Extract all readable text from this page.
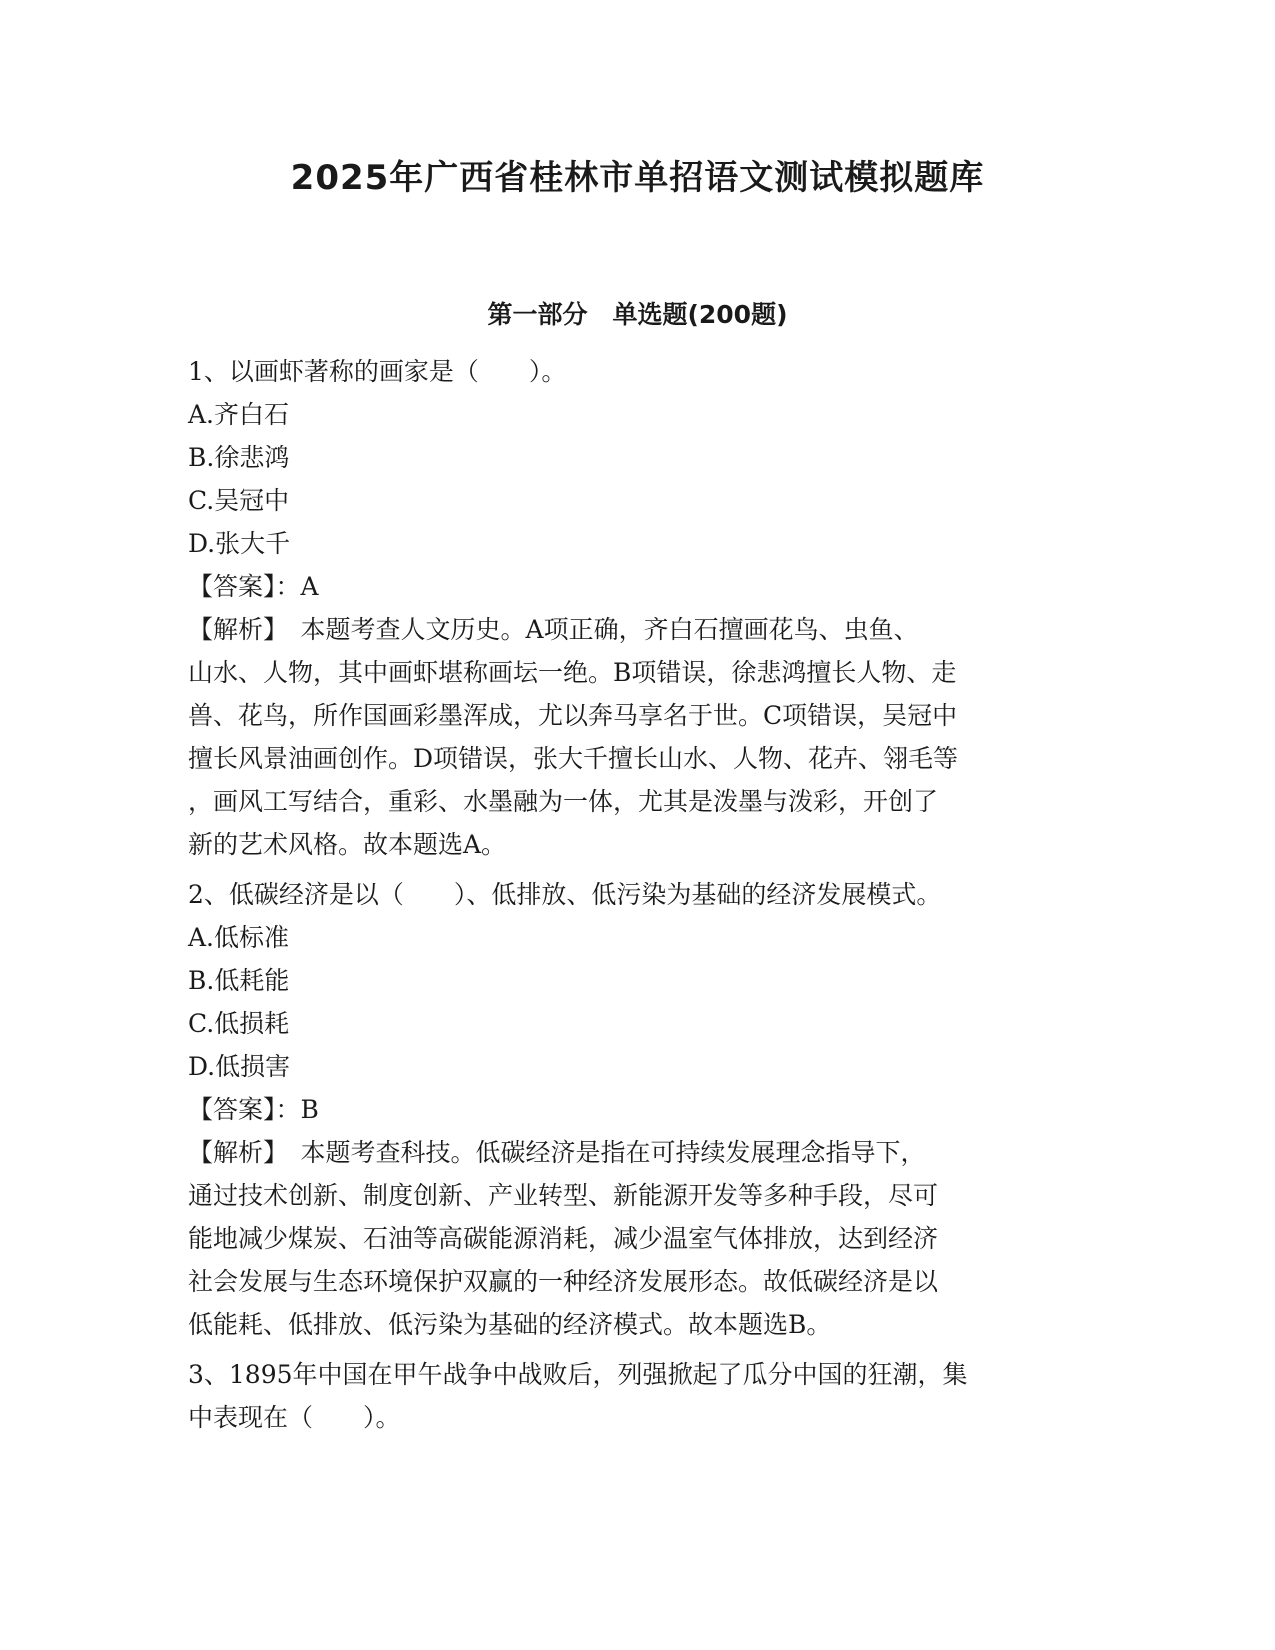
2025年广西省桂林市单招语文测试模拟题库
第一部分　单选题(200题)
1、以画虾著称的画家是（　　）。
A.齐白石
B.徐悲鸿
C.吴冠中
D.张大千
【答案】：A
【解析】　本题考查人文历史。A项正确，齐白石擅画花鸟、虫鱼、
山水、人物，其中画虾堪称画坛一绝。B项错误，徐悲鸿擅长人物、走
兽、花鸟，所作国画彩墨浑成，尤以奔马享名于世。C项错误，吴冠中
擅长风景油画创作。D项错误，张大千擅长山水、人物、花卉、翎毛等
，画风工写结合，重彩、水墨融为一体，尤其是泼墨与泼彩，开创了
新的艺术风格。故本题选A。
2、低碳经济是以（　　）、低排放、低污染为基础的经济发展模式。
A.低标准
B.低耗能
C.低损耗
D.低损害
【答案】：B
【解析】　本题考查科技。低碳经济是指在可持续发展理念指导下，
通过技术创新、制度创新、产业转型、新能源开发等多种手段，尽可
能地减少煤炭、石油等高碳能源消耗，减少温室气体排放，达到经济
社会发展与生态环境保护双赢的一种经济发展形态。故低碳经济是以
低能耗、低排放、低污染为基础的经济模式。故本题选B。
3、1895年中国在甲午战争中战败后，列强掀起了瓜分中国的狂潮，集
中表现在（　　）。
